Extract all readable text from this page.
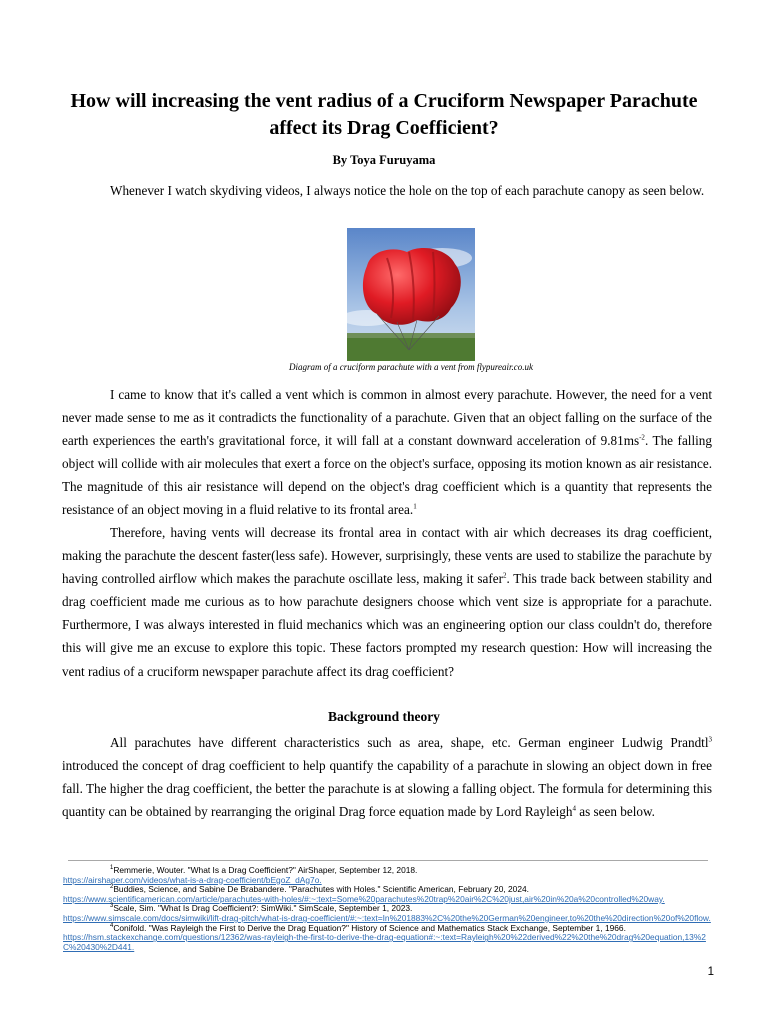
How will increasing the vent radius of a Cruciform Newspaper Parachute affect its Drag Coefficient?

By Toya Furuyama

Whenever I watch skydiving videos, I always notice the hole on the top of each parachute canopy as seen below.

Diagram of a cruciform parachute with a vent from flypureair.co.uk

I came to know that it's called a vent which is common in almost every parachute. However, the need for a vent never made sense to me as it contradicts the functionality of a parachute. Given that an object falling on the surface of the earth experiences the earth's gravitational force, it will fall at a constant downward acceleration of $9.81ms^{-2}$. The falling object will collide with air molecules that exert a force on the object's surface, opposing its motion known as air resistance. The magnitude of this air resistance will depend on the object's drag coefficient which is a quantity that represents the resistance of an object moving in a fluid relative to its frontal area.$^1$

Therefore, having vents will decrease its frontal area in contact with air which decreases its drag coefficient, making the parachute the descent faster(less safe). However, surprisingly, these vents are used to stabilize the parachute by having controlled airflow which makes the parachute oscillate less, making it safer$^2$. This trade back between stability and drag coefficient made me curious as to how parachute designers choose which vent size is appropriate for a parachute. Furthermore, I was always interested in fluid mechanics which was an engineering option our class couldn't do, therefore this will give me an excuse to explore this topic. These factors prompted my research question: How will increasing the vent radius of a cruciform newspaper parachute affect its drag coefficient?

Background theory

All parachutes have different characteristics such as area, shape, etc. German engineer Ludwig Prandtl$^3$ introduced the concept of drag coefficient to help quantify the capability of a parachute in slowing an object down in free fall. The higher the drag coefficient, the better the parachute is at slowing a falling object. The formula for determining this quantity can be obtained by rearranging the original Drag force equation made by Lord Rayleigh$^4$ as seen below.

$^1$Remmerie, Wouter. "What Is a Drag Coefficient?" AirShaper, September 12, 2018.

https://airshaper.com/videos/what-is-a-drag-coefficient/bEgoZ_dAg7o.

$^2$Buddies, Science, and Sabine De Brabandere. "Parachutes with Holes." Scientific American, February 20, 2024.

https://www.scientificamerican.com/article/parachutes-with-holes/#:~:text=Some%20parachutes%20trap%20air%2C%20just,air%20in%20a%20controlled%20way.

$^3$Scale, Sim. "What Is Drag Coefficient?: SimWiki." SimScale, September 1, 2023.

https://www.simscale.com/docs/simwiki/lift-drag-pitch/what-is-drag-coefficient/#:~:text=In%201883%2C%20the%20German%20engineer,to%20the%20direction%20of%20flow.

$^4$Conifold. "Was Rayleigh the First to Derive the Drag Equation?" History of Science and Mathematics Stack Exchange, September 1, 1966.

https://hsm.stackexchange.com/questions/12362/was-rayleigh-the-first-to-derive-the-drag-equation#:~:text=Rayleigh%20%22derived%22%20the%20drag%20equation,13%2C%20430%2D441.

1
